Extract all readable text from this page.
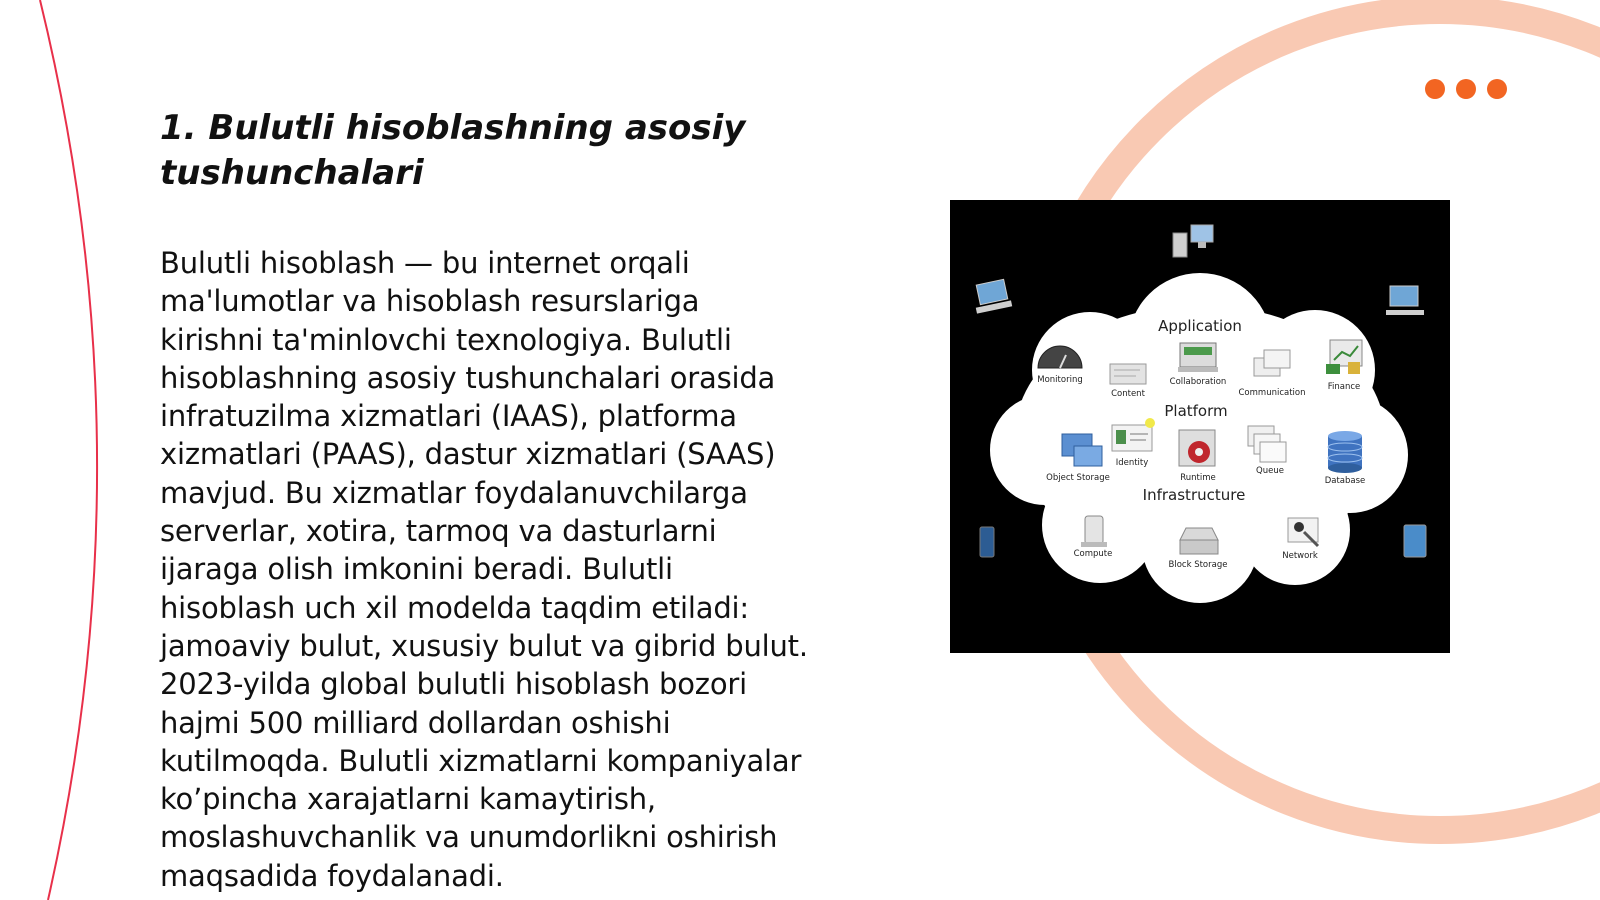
1. Bulutli hisoblashning asosiy
tushunchalari

Bulutli hisoblash — bu internet orqali
ma'lumotlar va hisoblash resurslariga
kirishni ta'minlovchi texnologiya. Bulutli
hisoblashning asosiy tushunchalari orasida
infratuzilma xizmatlari (IAAS), platforma
xizmatlari (PAAS), dastur xizmatlari (SAAS)
mavjud. Bu xizmatlar foydalanuvchilarga
serverlar, xotira, tarmoq va dasturlarni
ijaraga olish imkonini beradi. Bulutli
hisoblash uch xil modelda taqdim etiladi:
jamoaviy bulut, xususiy bulut va gibrid bulut.
2023-yilda global bulutli hisoblash bozori
hajmi 500 milliard dollardan oshishi
kutilmoqda. Bulutli xizmatlarni kompaniyalar
ko’pincha xarajatlarni kamaytirish,
moslashuvchanlik va unumdorlikni oshirish
maqsadida foydalanadi.

Application
Platform
Infrastructure
Monitoring
Content
Collaboration
Communication
Finance
Object Storage
Identity
Runtime
Queue
Database
Compute
Block Storage
Network
